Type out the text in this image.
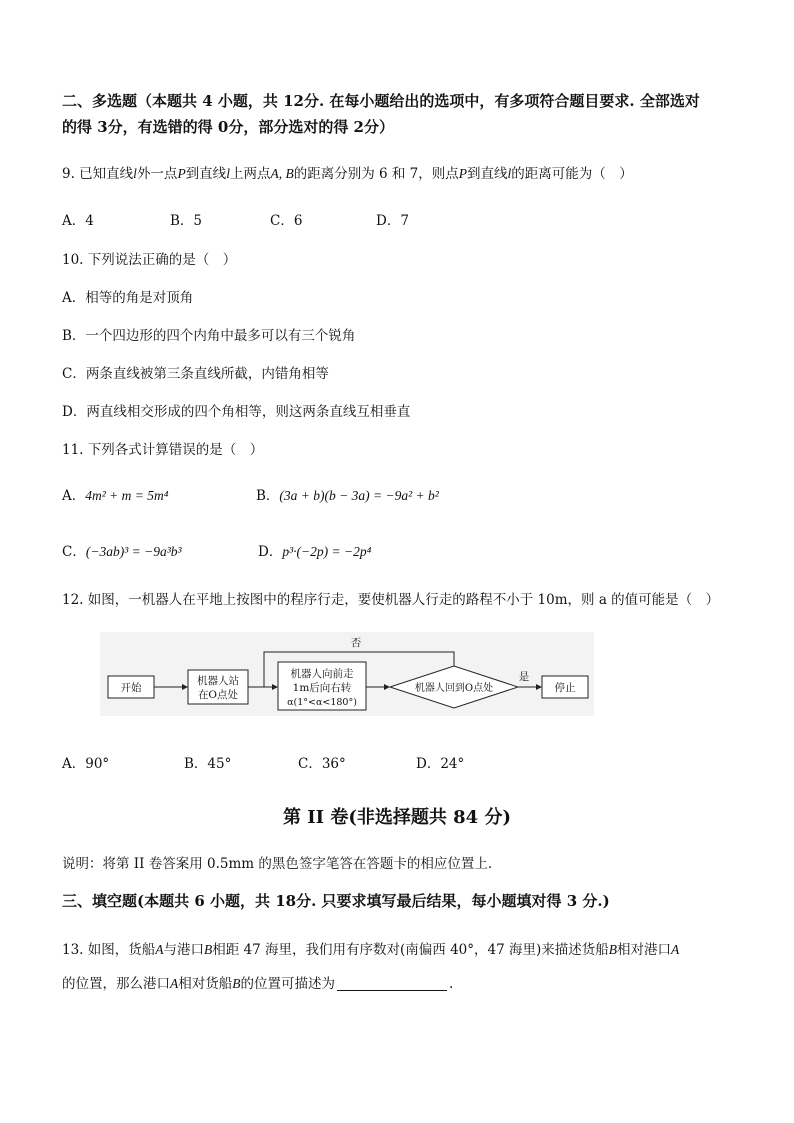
二、多选题（本题共 4 小题，共 12分. 在每小题给出的选项中，有多项符合题目要求. 全部选对
的得 3分，有选错的得 0分，部分选对的得 2分）
9. 已知直线l外一点P到直线l上两点A, B的距离分别为 6 和 7，则点P到直线l的距离可能为（　）
A．4	B．5	C．6	D．7
10. 下列说法正确的是（　）
A．相等的角是对顶角
B．一个四边形的四个内角中最多可以有三个锐角
C．两条直线被第三条直线所截，内错角相等
D．两直线相交形成的四个角相等，则这两条直线互相垂直
11. 下列各式计算错误的是（　）
A．4m² + m = 5m⁴	B．(3a + b)(b − 3a) = −9a² + b²
C．(−3ab)³ = −9a³b³	D．p³·(−2p) = −2p⁴
12. 如图，一机器人在平地上按图中的程序行走，要使机器人行走的路程不小于 10m，则 a 的值可能是（　）
开始
机器人站
在O点处
机器人向前走
1m后向右转
α(1°<α<180°)
机器人回到O点处
否
是
停止
A．90°	B．45°	C．36°	D．24°
第 II 卷(非选择题共 84 分)
说明：将第 II 卷答案用 0.5mm 的黑色签字笔答在答题卡的相应位置上.
三、填空题(本题共 6 小题，共 18分. 只要求填写最后结果，每小题填对得 3 分.)
13. 如图，货船A与港口B相距 47 海里，我们用有序数对(南偏西 40°，47 海里)来描述货船B相对港口A
的位置，那么港口A相对货船B的位置可描述为	.
